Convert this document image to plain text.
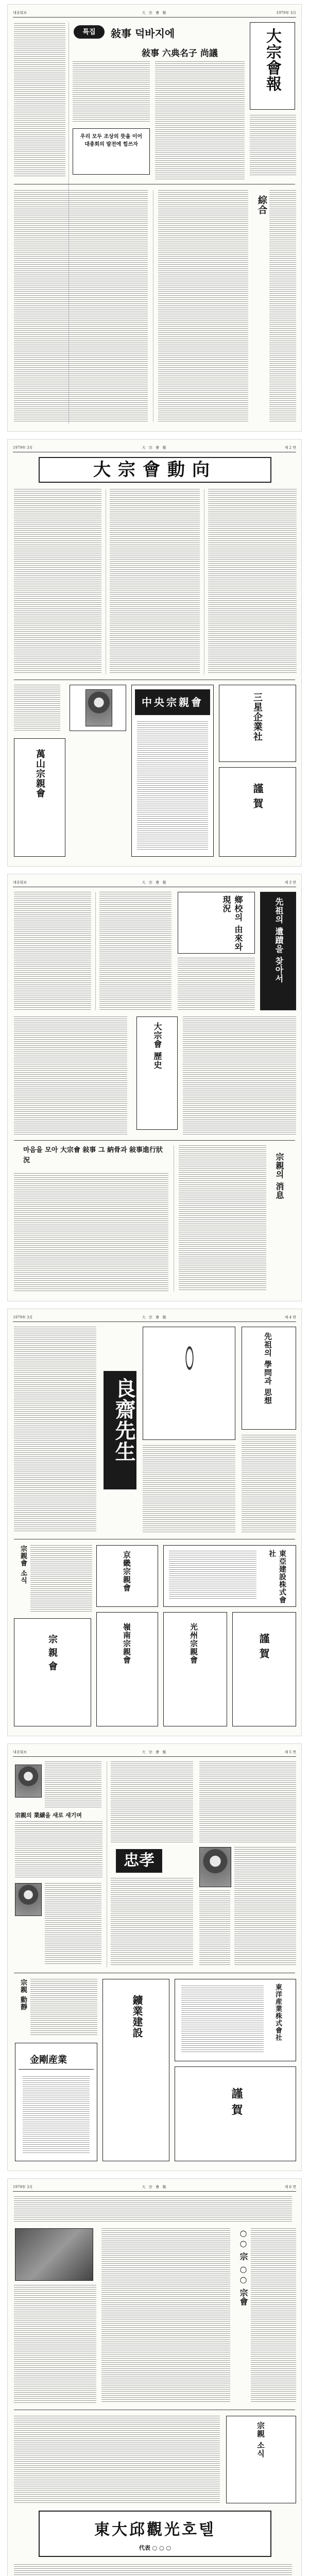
대종회보	大 宗 會 報	1979年 3月
大宗會報
특집	敍事 덕바지에
敍事 六典名子 尚議
우리 모두 조상의 뜻을 이어 대종회의 발전에 힘쓰자
綜合
1979年 3月	大 宗 會 報	제 2 면
大宗會動向
萬山宗親會
中央宗親會	三星企業社
謹 賀
대종회보	大 宗 會 報	제 3 면
鄉校의 由來와 現況	先祖의 遺蹟을 찾아서
大宗會 歷史
마음을 모아 大宗會 敍事 그 納骨과 敍事進行狀況	宗親의 消息
1979年 3月	大 宗 會 報	제 4 면
良齋先生
先祖의 學問과 思想
宗親會 소식
宗 親 會
京畿宗親會
嶺南宗親會
東亞建設株式會社
光州宗親會	謹 賀
대종회보	大 宗 會 報	제 5 면
宗親의 業績을 새로 새기며
忠孝
宗親 動靜
金剛産業
鑛業建設	東洋産業株式會社
謹 賀
1979年 3月	大 宗 會 報	제 6 면
○○ 宗 ○○ 宗會
宗親 소식
東大邱觀光호텔
代表 ○ ○ ○
